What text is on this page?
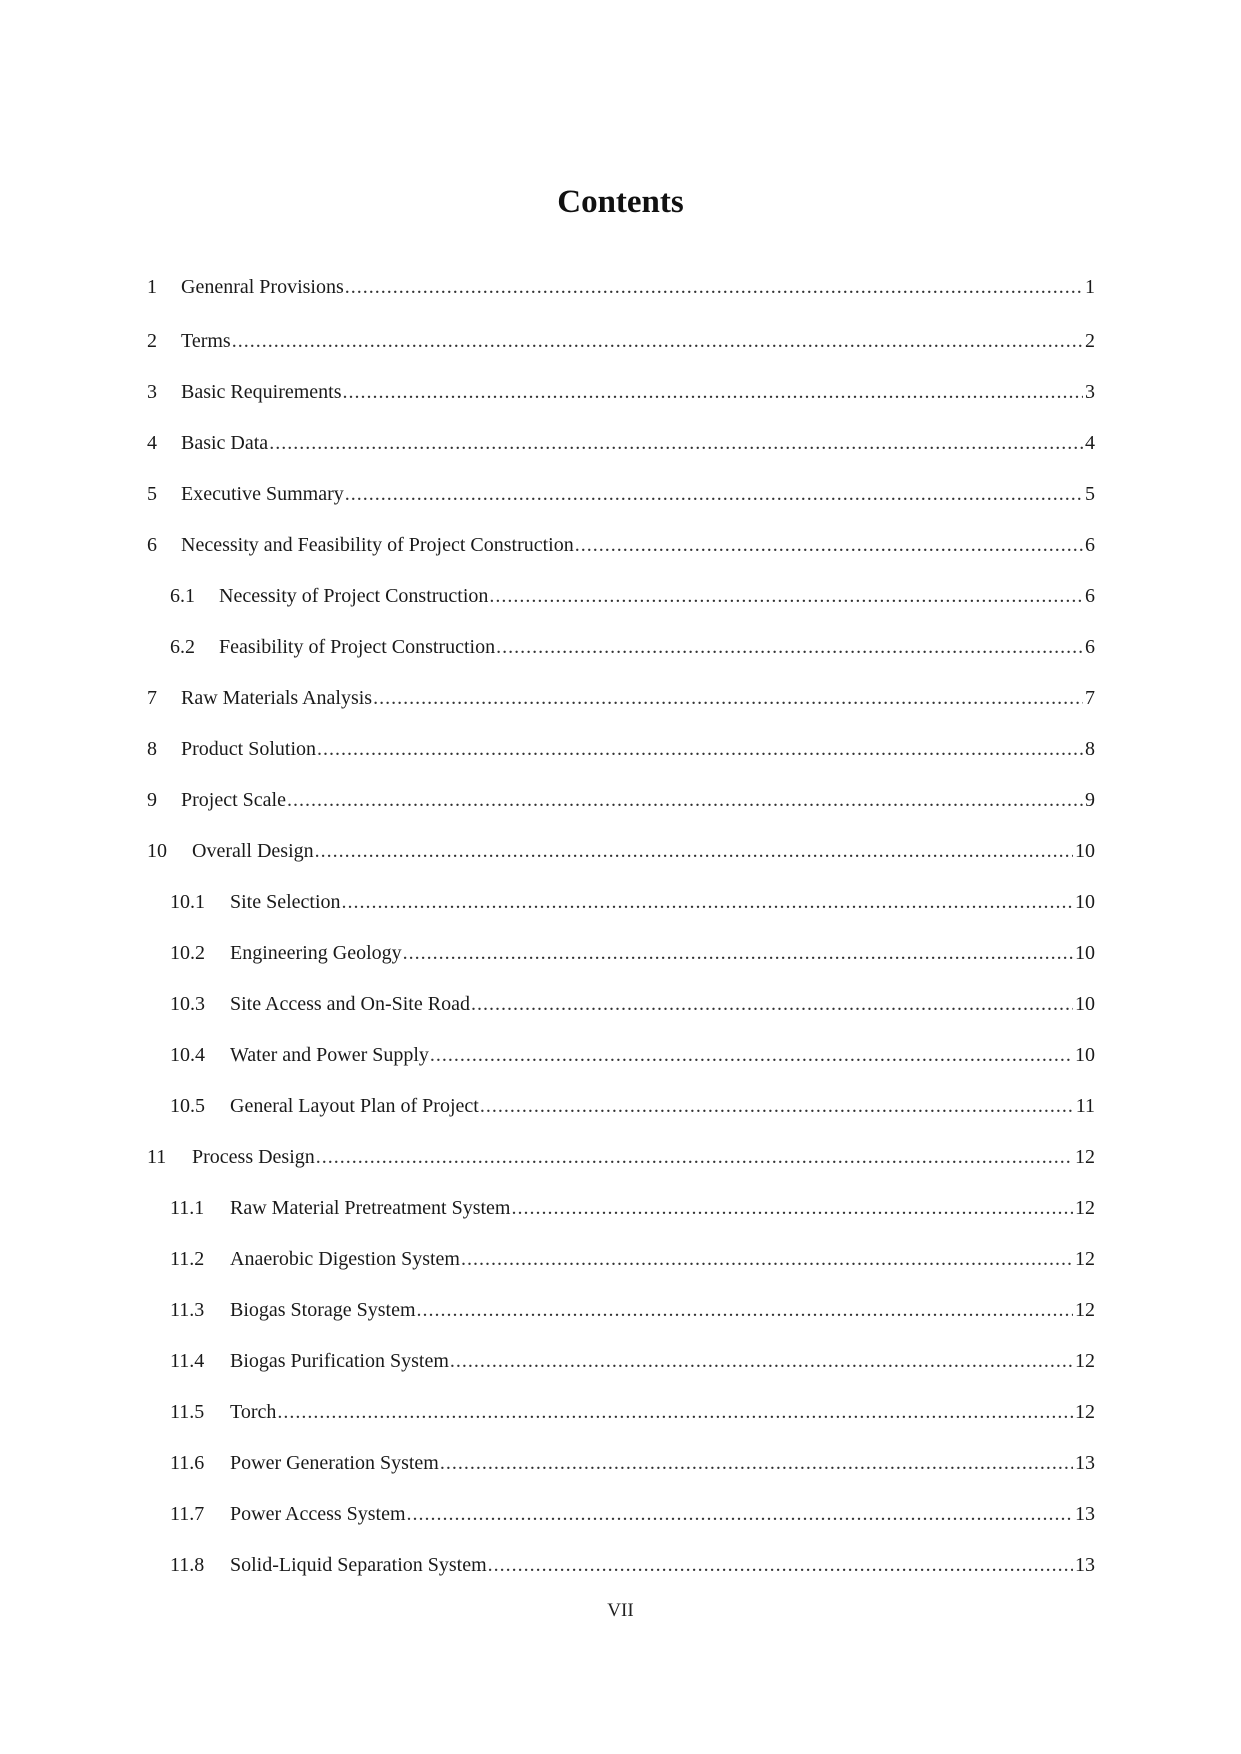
Contents
1	Genenral Provisions .....	1
2	Terms .....	2
3	Basic Requirements .....	3
4	Basic Data .....	4
5	Executive Summary .....	5
6	Necessity and Feasibility of Project Construction .....	6
6.1	Necessity of Project Construction .....	6
6.2	Feasibility of Project Construction .....	6
7	Raw Materials Analysis .....	7
8	Product Solution .....	8
9	Project Scale .....	9
10	Overall Design .....	10
10.1	Site Selection .....	10
10.2	Engineering Geology .....	10
10.3	Site Access and On-Site Road .....	10
10.4	Water and Power Supply .....	10
10.5	General Layout Plan of Project .....	11
11	Process Design .....	12
11.1	Raw Material Pretreatment System .....	12
11.2	Anaerobic Digestion System .....	12
11.3	Biogas Storage System .....	12
11.4	Biogas Purification System .....	12
11.5	Torch .....	12
11.6	Power Generation System .....	13
11.7	Power Access System .....	13
11.8	Solid-Liquid Separation System .....	13
VII
